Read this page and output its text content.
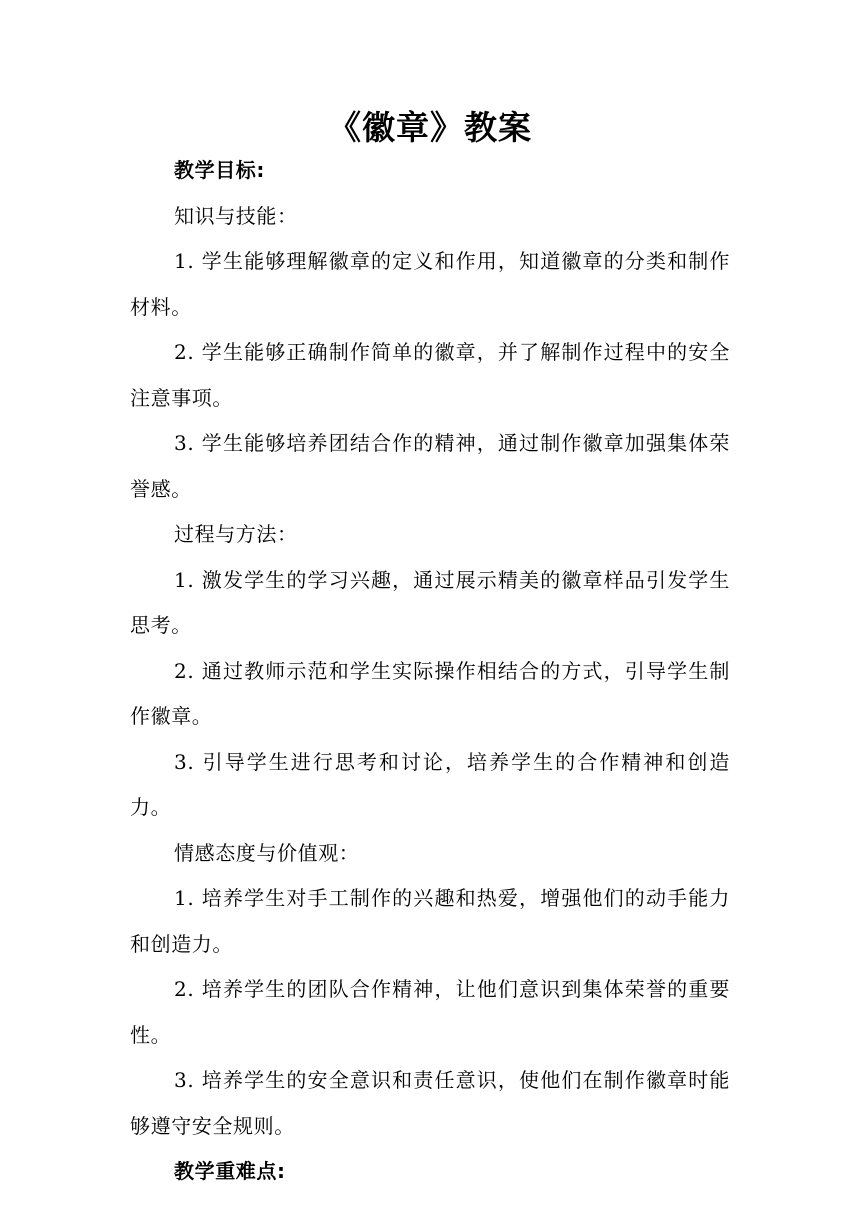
《徽章》教案

教学目标:

知识与技能：

1. 学生能够理解徽章的定义和作用，知道徽章的分类和制作材料。

2. 学生能够正确制作简单的徽章，并了解制作过程中的安全注意事项。

3. 学生能够培养团结合作的精神，通过制作徽章加强集体荣誉感。

过程与方法：

1. 激发学生的学习兴趣，通过展示精美的徽章样品引发学生思考。

2. 通过教师示范和学生实际操作相结合的方式，引导学生制作徽章。

3. 引导学生进行思考和讨论，培养学生的合作精神和创造力。

情感态度与价值观：

1. 培养学生对手工制作的兴趣和热爱，增强他们的动手能力和创造力。

2. 培养学生的团队合作精神，让他们意识到集体荣誉的重要性。

3. 培养学生的安全意识和责任意识，使他们在制作徽章时能够遵守安全规则。

教学重难点:
